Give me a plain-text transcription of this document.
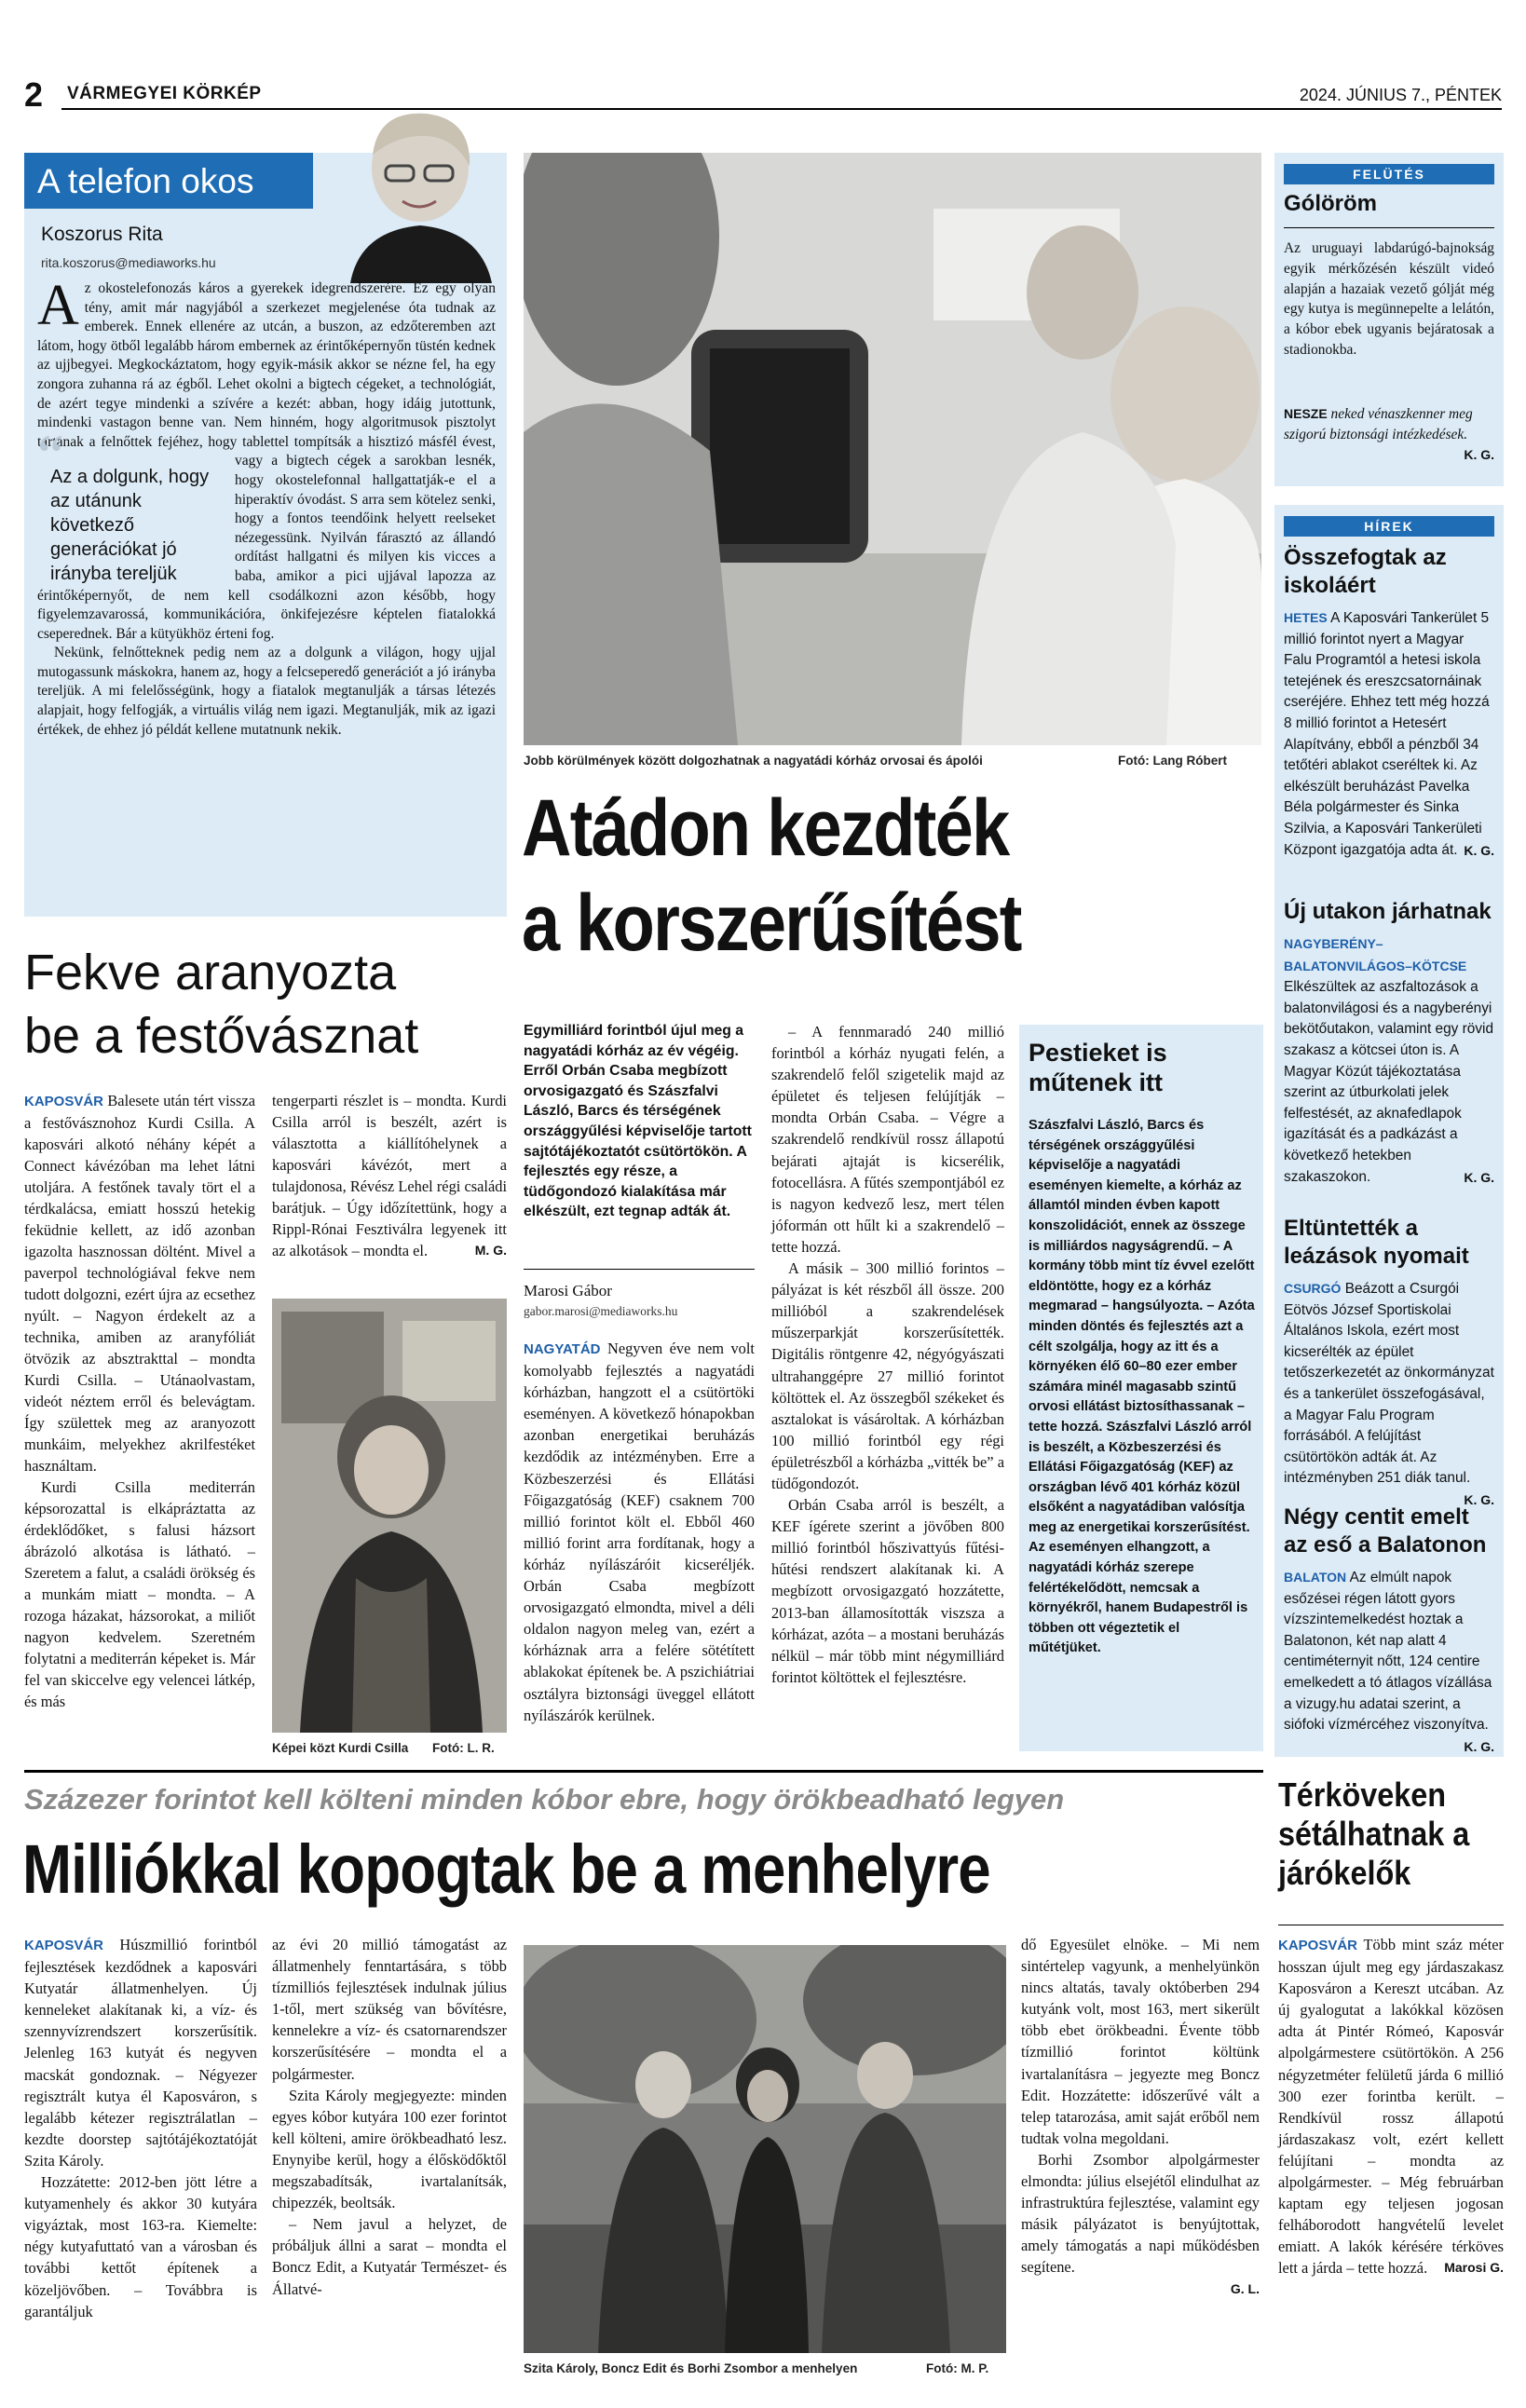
2 VÁRMEGYEI KÖRKÉP	2024. JÚNIUS 7., PÉNTEK
A telefon okos
Koszorus Rita
rita.koszorus@mediaworks.hu
A z okostelefonozás káros a gyerekek idegrendszerére. Ez egy olyan tény, amit már nagyjából a szerkezet megjelenése óta tudnak az emberek. Ennek ellenére az utcán, a buszon, az edzőteremben azt látom, hogy ötből legalább három embernek az érintőképernyőn tüstén kednek az ujjbegyei. Megkockáztatom, hogy egyik-másik akkor se nézne fel, ha egy zongora zuhanna rá az égből. Lehet okolni a bigtech cégeket, a technológiát, de azért tegye mindenki a szívére a kezét: abban, hogy idáig jutottunk, mindenki vastagon benne van. Nem hinném, hogy algoritmusok pisztolyt tartanak a felnőttek fejéhez, hogy tablettel tompítsák a hisztizó másfél évest,
“
Az a dolgunk, hogy az utánunk következő generációkat jó irányba tereljük
vagy a bigtech cégek a sarokban lesnék, hogy okostelefonnal hallgattatják-e el a hiperaktív óvodást. S arra sem kötelez senki, hogy a fontos teendőink helyett reelseket nézegessünk. Nyilván fárasztó az állandó ordítást hallgatni és milyen kis vicces a baba, amikor a pici ujjával lapozza az érintőképernyőt, de nem kell csodálkozni azon később, hogy figyelemzavarossá, kommunikációra, önkifejezésre képtelen fiatalokká cseperednek. Bár a kütyükhöz érteni fog.

Nekünk, felnőtteknek pedig nem az a dolgunk a világon, hogy ujjal mutogassunk máskokra, hanem az, hogy a felcseperedő generációt a jó irányba tereljük. A mi felelősségünk, hogy a fiatalok megtanulják a társas létezés alapjait, hogy felfogják, a virtuális világ nem igazi. Megtanulják, mik az igazi értékek, de ehhez jó példát kellene mutatnunk nekik.

Fekve aranyozta
be a festővásznat
KAPOSVÁR Balesete után tért vissza a festővásznohoz Kurdi Csilla. A kaposvári alkotó néhány képét a Connect kávézóban ma lehet látni utoljára. A festőnek tavaly tört el a térdkalácsa, emiatt hosszú hetekig feküdnie kellett, az idő azonban igazolta hasznossan döltént. Mivel a paverpol technológiával fekve nem tudott dolgozni, ezért újra az ecsethez nyúlt. – Nagyon érdekelt az a technika, amiben az aranyfóliát ötvözik az absztrakttal – mondta Kurdi Csilla. – Utánaolvastam, videót néztem erről és belevágtam. Így születtek meg az aranyozott munkáim, melyekhez akrilfestéket használtam.

Kurdi Csilla mediterrán képsorozattal is elkápráztatta az érdeklődőket, s falusi házsort ábrázoló alkotása is látható. – Szeretem a falut, a családi örökség és a munkám miatt – mondta. – A rozoga házakat, házsorokat, a miliőt nagyon kedvelem. Szeretném folytatni a mediterrán képeket is. Már fel van skiccelve egy velencei látkép, és más

tengerparti részlet is – mondta. Kurdi Csilla arról is beszélt, azért is választotta a kiállítóhelynek a kaposvári kávézót, mert a tulajdonosa, Révész Lehel régi családi barátjuk. – Úgy időzítettünk, hogy a Rippl-Rónai Fesztiválra legyenek itt az alkotások – mondta el.	M. G.
Képei közt Kurdi Csilla Fotó: L. R.
Jobb körülmények között dolgozhatnak a nagyatádi kórház orvosai és ápolói	Fotó: Lang Róbert
Atádon kezdték
a korszerűsítést
Egymilliárd forintból újul meg a nagyatádi kórház az év végéig. Erről Orbán Csaba megbízott orvosigazgató és Szászfalvi László, Barcs és térségének országgyűlési képviselője tartott sajtótájékoztatót csütörtökön. A fejlesztés egy része, a tüdőgondozó kialakítása már elkészült, ezt tegnap adták át.
Marosi Gábor
gabor.marosi@mediaworks.hu
NAGYATÁD Negyven éve nem volt komolyabb fejlesztés a nagyatádi kórházban, hangzott el a csütörtöki eseményen. A következő hónapokban azonban energetikai beruházás kezdődik az intézményben. Erre a Közbeszerzési és Ellátási Főigazgatóság (KEF) csaknem 700 millió forintot költ el. Ebből 460 millió forint arra fordítanak, hogy a kórház nyílászáróit kicseréljék. Orbán Csaba megbízott orvosigazgató elmondta, mivel a déli oldalon nagyon meleg van, ezért a kórháznak arra a felére sötétített ablakokat építenek be. A pszichiátriai osztályra biztonsági üveggel ellátott nyílászárók kerülnek.

– A fennmaradó 240 millió forintból a kórház nyugati felén, a szakrendelő felől szigetelik majd az épületet és teljesen felújítják – mondta Orbán Csaba. – Végre a szakrendelő rendkívül rossz állapotú bejárati ajtaját is kicserélik, fotocellásra. A fűtés szempontjából ez is nagyon kedvező lesz, mert télen jóformán ott hűlt ki a szakrendelő – tette hozzá.

A másik – 300 millió forintos – pályázat is két részből áll össze. 200 millióból a szakrendelések műszerparkját korszerűsítették. Digitális röntgenre 42, négyógyászati ultrahanggépre 27 millió forintot költöttek el. Az összegből székeket és asztalokat is vásároltak. A kórházban 100 millió forintból egy régi épületrészből a kórházba „vitték be” a tüdőgondozót.

Orbán Csaba arról is beszélt, a KEF ígérete szerint a jövőben 800 millió forintból hőszivattyús fűtési-hűtési rendszert alakítanak ki. A megbízott orvosigazgató hozzátette, 2013-ban államosították viszsza a kórházat, azóta – a mostani beruházás nélkül – már több mint négymilliárd forintot költöttek el fejlesztésre.

Pestieket is műtenek itt
Szászfalvi László, Barcs és térségének országgyűlési képviselője a nagyatádi eseményen kiemelte, a kórház az államtól minden évben kapott konszolidációt, ennek az összege is milliárdos nagyságrendű. – A kormány több mint tíz évvel ezelőtt eldöntötte, hogy ez a kórház megmarad – hangsúlyozta. – Azóta minden döntés és fejlesztés azt a célt szolgálja, hogy az itt és a környéken élő 60–80 ezer ember számára minél magasabb szintű orvosi ellátást biztosíthassanak – tette hozzá. Szászfalvi László arról is beszélt, a Közbeszerzési és Ellátási Főigazgatóság (KEF) az országban lévő 401 kórház közül elsőként a nagyatádiban valósítja meg az energetikai korszerűsítést. Az eseményen elhangzott, a nagyatádi kórház szerepe felértékelődött, nemcsak a környékről, hanem Budapestről is többen ott végeztetik el műtétjüket.
FELÜTÉS
Gólöröm
Az uruguayi labdarúgó-bajnokság egyik mérkőzésén készült videó alapján a hazaiak vezető gólját még egy kutya is megünnepelte a lelátón, a kóbor ebek ugyanis bejáratosak a stadionokba.
NESZE neked vénaszkenner meg szigorú biztonsági intézkedések.
K. G.
HÍREK
Összefogtak az iskoláért
HETES A Kaposvári Tankerület 5 millió forintot nyert a Magyar Falu Programtól a hetesi iskola tetejének és ereszcsatornáinak cseréjére. Ehhez tett még hozzá 8 millió forintot a Hetesért Alapítvány, ebből a pénzből 34 tetőtéri ablakot cseréltek ki. Az elkészült beruházást Pavelka Béla polgármester és Sinka Szilvia, a Kaposvári Tankerületi Központ igazgatója adta át. K. G.
Új utakon járhatnak
NAGYBERÉNY–BALATONVILÁGOS–KÖTCSE Elkészültek az aszfaltozások a balatonvilágosi és a nagyberényi bekötőutakon, valamint egy rövid szakasz a kötcsei úton is. A Magyar Közút tájékoztatása szerint az útburkolati jelek felfestését, az aknafedlapok igazítását és a padkázást a következő hetekben szakaszokon.	K. G.
Eltüntették a leázások nyomait
CSURGÓ Beázott a Csurgói Eötvös József Sportiskolai Általános Iskola, ezért most kicserélték az épület tetőszerkezetét az önkormányzat és a tankerület összefogásával, a Magyar Falu Program forrásából. A felújítást csütörtökön adták át. Az intézményben 251 diák tanul.
K. G.
Négy centit emelt az eső a Balatonon
BALATON Az elmúlt napok esőzései régen látott gyors vízszintemelkedést hoztak a Balatonon, két nap alatt 4 centiméternyit nőtt, 124 centire emelkedett a tó átlagos vízállása a vizugy.hu adatai szerint, a siófoki vízmércéhez viszonyítva.
K. G.
Százezer forintot kell költeni minden kóbor ebre, hogy örökbeadható legyen
Milliókkal kopogtak be a menhelyre
KAPOSVÁR Húszmillió forintból fejlesztések kezdődnek a kaposvári Kutyatár állatmenhelyen. Új kenneleket alakítanak ki, a víz- és szennyvízrendszert korszerűsítik. Jelenleg 163 kutyát és negyven macskát gondoznak. – Négyezer regisztrált kutya él Kaposváron, s legalább kétezer regisztrálatlan – kezdte doorstep sajtótájékoztatóját Szita Károly.

Hozzátette: 2012-ben jött létre a kutyamenhely és akkor 30 kutyára vigyáztak, most 163-ra. Kiemelte: négy kutyafuttató van a városban és további kettőt építenek a közeljövőben. – Továbbra is garantáljuk

az évi 20 millió támogatást az állatmenhely fenntartására, s több tízmilliós fejlesztések indulnak július 1-től, mert szükség van bővítésre, kennelekre a víz- és csatornarendszer korszerűsítésére – mondta el a polgármester.

Szita Károly megjegyezte: minden egyes kóbor kutyára 100 ezer forintot kell költeni, amire örökbeadható lesz. Enynyibe kerül, hogy a élősködőktől megszabadítsák, ivartalanítsák, chipezzék, beoltsák.

– Nem javul a helyzet, de próbáljuk állni a sarat – mondta el Boncz Edit, a Kutyatár Természet- és Állatvé-

Szita Károly, Boncz Edit és Borhi Zsombor a menhelyen	Fotó: M. P.
dő Egyesület elnöke. – Mi nem sintértelep vagyunk, a menhelyünkön nincs altatás, tavaly októberben 294 kutyánk volt, most 163, mert sikerült több ebet örökbeadni. Évente több tízmillió forintot költünk ivartalanításra – jegyezte meg Boncz Edit. Hozzátette: időszerűvé vált a telep tatarozása, amit saját erőből nem tudtak volna megoldani.

Borhi Zsombor alpolgármester elmondta: július elsejétől elindulhat az infrastruktúra fejlesztése, valamint egy másik pályázatot is benyújtottak, amely támogatás a napi működésben segítene.

G. L.
Térköveken sétálhatnak a járókelők
KAPOSVÁR Több mint száz méter hosszan újult meg egy járdaszakasz Kaposváron a Kereszt utcában. Az új gyalogutat a lakókkal közösen adta át Pintér Rómeó, Kaposvár alpolgármestere csütörtökön. A 256 négyzetméter felületű járda 6 millió 300 ezer forintba került. – Rendkívül rossz állapotú járdaszakasz volt, ezért kellett felújítani – mondta az alpolgármester. – Még februárban kaptam egy teljesen jogosan felháborodott hangvételű levelet emiatt. A lakók kérésére térköves lett a járda – tette hozzá. Marosi G.
